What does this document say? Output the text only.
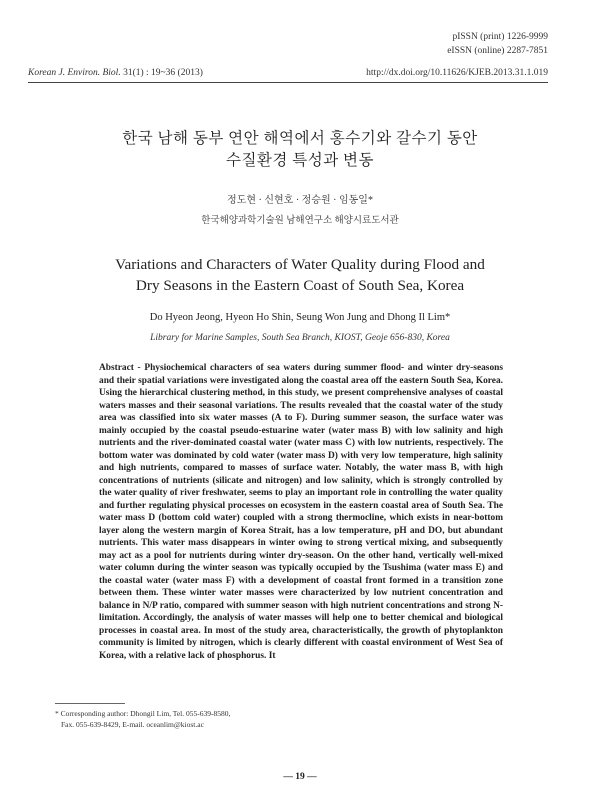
pISSN (print) 1226-9999
eISSN (online) 2287-7851
Korean J. Environ. Biol. 31(1) : 19~36 (2013)	http://dx.doi.org/10.11626/KJEB.2013.31.1.019
한국 남해 동부 연안 해역에서 홍수기와 갈수기 동안
수질환경 특성과 변동
정도현 · 신현호 · 정승원 · 임동일*
한국해양과학기술원 남해연구소 해양시료도서관
Variations and Characters of Water Quality during Flood and
Dry Seasons in the Eastern Coast of South Sea, Korea
Do Hyeon Jeong, Hyeon Ho Shin, Seung Won Jung and Dhong Il Lim*
Library for Marine Samples, South Sea Branch, KIOST, Geoje 656-830, Korea
Abstract - Physiochemical characters of sea waters during summer flood- and winter dry-seasons and their spatial variations were investigated along the coastal area off the eastern South Sea, Korea. Using the hierarchical clustering method, in this study, we present comprehensive analyses of coastal waters masses and their seasonal variations. The results revealed that the coastal water of the study area was classified into six water masses (A to F). During summer season, the surface water was mainly occupied by the coastal pseudo-estuarine water (water mass B) with low salinity and high nutrients and the river-dominated coastal water (water mass C) with low nutrients, respectively. The bottom water was dominated by cold water (water mass D) with very low temperature, high salinity and high nutrients, compared to masses of surface water. Notably, the water mass B, with high concentrations of nutrients (silicate and nitrogen) and low salinity, which is strongly controlled by the water quality of river freshwater, seems to play an important role in controlling the water quality and further regulating physical processes on ecosystem in the eastern coastal area of South Sea. The water mass D (bottom cold water) coupled with a strong thermocline, which exists in near-bottom layer along the western margin of Korea Strait, has a low temperature, pH and DO, but abundant nutrients. This water mass disappears in winter owing to strong vertical mixing, and subsequently may act as a pool for nutrients during winter dry-season. On the other hand, vertically well-mixed water column during the winter season was typically occupied by the Tsushima (water mass E) and the coastal water (water mass F) with a development of coastal front formed in a transition zone between them. These winter water masses were characterized by low nutrient concentration and balance in N/P ratio, compared with summer season with high nutrient concentrations and strong N-limitation. Accordingly, the analysis of water masses will help one to better chemical and biological processes in coastal area. In most of the study area, characteristically, the growth of phytoplankton community is limited by nitrogen, which is clearly different with coastal environment of West Sea of Korea, with a relative lack of phosphorus. It
* Corresponding author: Dhongil Lim, Tel. 055-639-8580,
Fax. 055-639-8429, E-mail. oceanlim@kiost.ac
— 19 —
